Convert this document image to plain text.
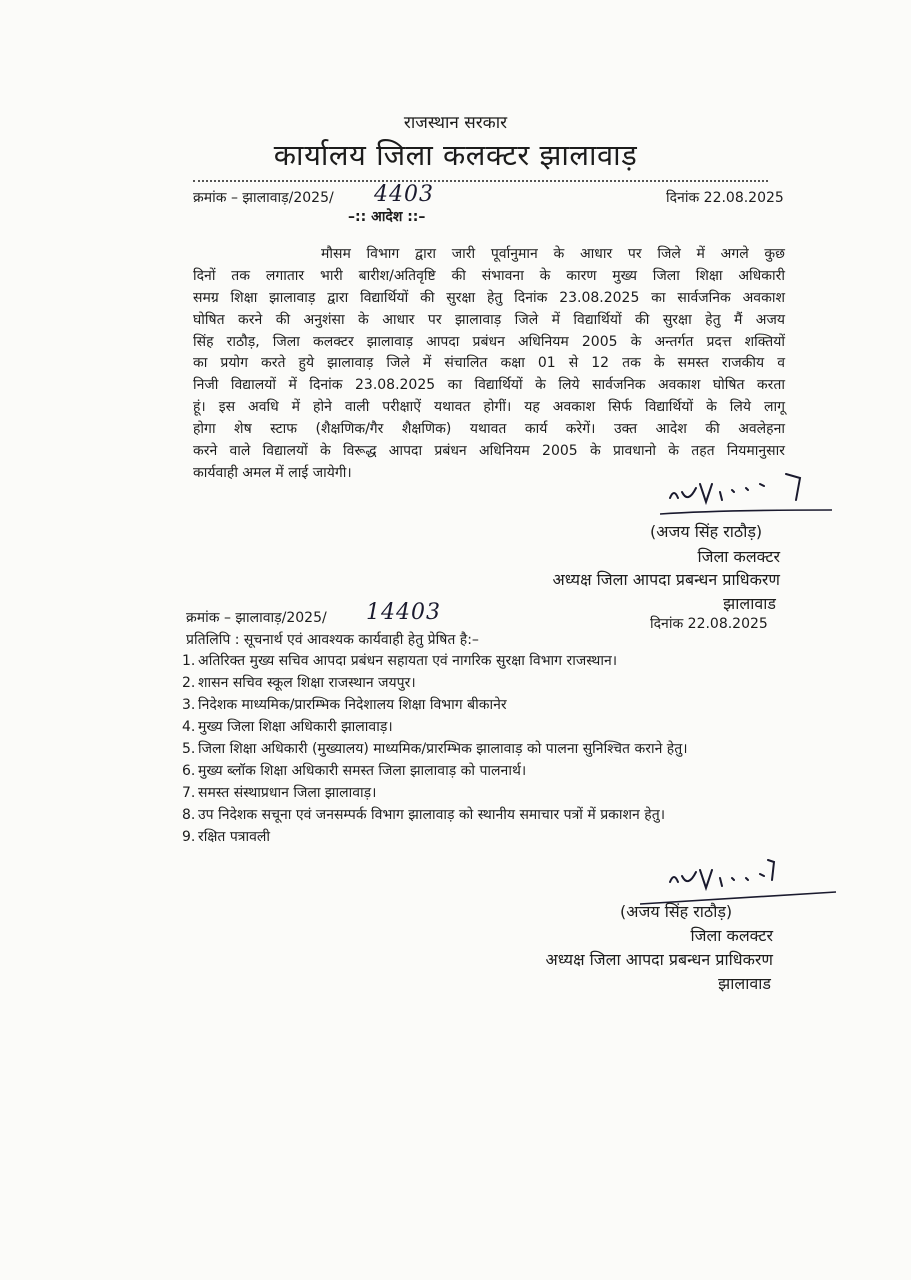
राजस्थान सरकार
कार्यालय जिला कलक्टर झालावाड़
क्रमांक – झालावाड़/2025/ 4403	दिनांक 22.08.2025
–:: आदेश ::–
मौसम विभाग द्वारा जारी पूर्वानुमान के आधार पर जिले में अगले कुछ
दिनों तक लगातार भारी बारीश/अतिवृष्टि की संभावना के कारण मुख्य जिला शिक्षा अधिकारी
समग्र शिक्षा झालावाड़ द्वारा विद्यार्थियों की सुरक्षा हेतु दिनांक 23.08.2025 का सार्वजनिक अवकाश
घोषित करने की अनुशंसा के आधार पर झालावाड़ जिले में विद्यार्थियों की सुरक्षा हेतु मैं अजय
सिंह राठौड़, जिला कलक्टर झालावाड़ आपदा प्रबंधन अधिनियम 2005 के अन्तर्गत प्रदत्त शक्तियों
का प्रयोग करते हुये झालावाड़ जिले में संचालित कक्षा 01 से 12 तक के समस्त राजकीय व
निजी विद्यालयों में दिनांक 23.08.2025 का विद्यार्थियों के लिये सार्वजनिक अवकाश घोषित करता
हूं। इस अवधि में होने वाली परीक्षाऐं यथावत होगीं। यह अवकाश सिर्फ विद्यार्थियों के लिये लागू
होगा शेष स्टाफ (शैक्षणिक/गैर शैक्षणिक) यथावत कार्य करेगें। उक्त आदेश की अवलेहना
करने वाले विद्यालयों के विरूद्ध आपदा प्रबंधन अधिनियम 2005 के प्रावधानो के तहत नियमानुसार
कार्यवाही अमल में लाई जायेगी।
(अजय सिंह राठौड़)
जिला कलक्टर
अध्यक्ष जिला आपदा प्रबन्धन प्राधिकरण
झालावाड
क्रमांक – झालावाड़/2025/ 14403	दिनांक 22.08.2025
प्रतिलिपि : सूचनार्थ एवं आवश्यक कार्यवाही हेतु प्रेषित है:–
1. अतिरिक्त मुख्य सचिव आपदा प्रबंधन सहायता एवं नागरिक सुरक्षा विभाग राजस्थान।
2. शासन सचिव स्कूल शिक्षा राजस्थान जयपुर।
3. निदेशक माध्यमिक/प्रारम्भिक निदेशालय शिक्षा विभाग बीकानेर
4. मुख्य जिला शिक्षा अधिकारी झालावाड़।
5. जिला शिक्षा अधिकारी (मुख्यालय) माध्यमिक/प्रारम्भिक झालावाड़ को पालना सुनिश्चित कराने हेतु।
6. मुख्य ब्लॉक शिक्षा अधिकारी समस्त जिला झालावाड़ को पालनार्थ।
7. समस्त संस्थाप्रधान जिला झालावाड़।
8. उप निदेशक सचूना एवं जनसम्पर्क विभाग झालावाड़ को स्थानीय समाचार पत्रों में प्रकाशन हेतु।
9. रक्षित पत्रावली
(अजय सिंह राठौड़)
जिला कलक्टर
अध्यक्ष जिला आपदा प्रबन्धन प्राधिकरण
झालावाड
